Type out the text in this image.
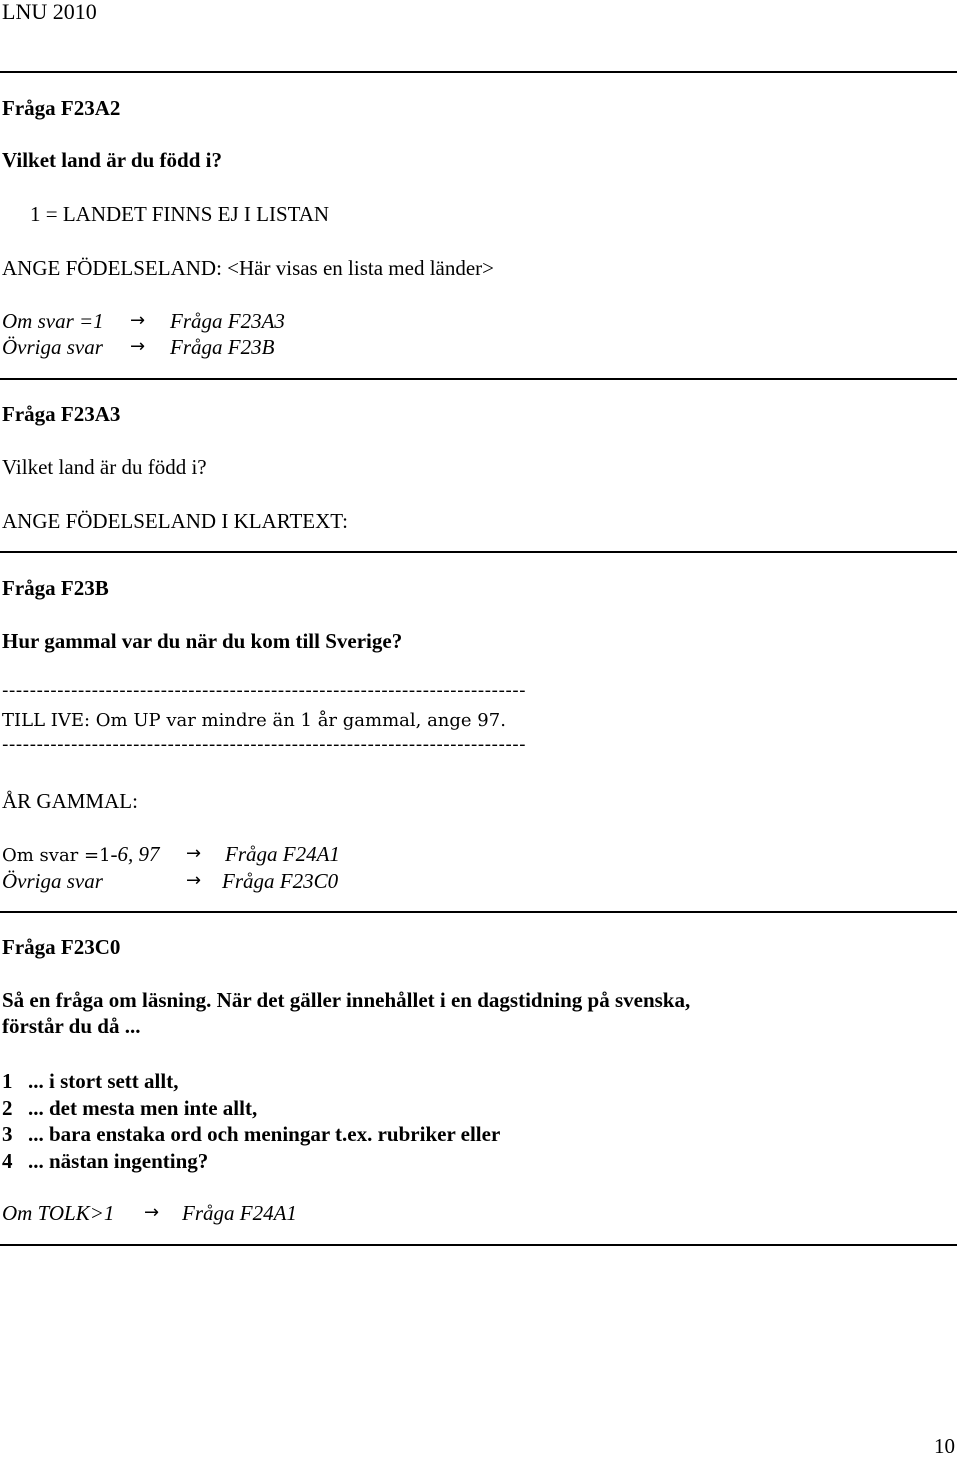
LNU 2010
Fråga F23A2
Vilket land är du född i?
1 = LANDET FINNS EJ I LISTAN
ANGE FÖDELSELAND: <Här visas en lista med länder>
Om svar =1 → Fråga F23A3
Övriga svar → Fråga F23B
Fråga F23A3
Vilket land är du född i?
ANGE FÖDELSELAND I KLARTEXT:
Fråga F23B
Hur gammal var du när du kom till Sverige?
----------------------------------------------------------------------------
TILL IVE: Om UP var mindre än 1 år gammal, ange 97.
----------------------------------------------------------------------------
ÅR GAMMAL:
Om svar =1-6, 97 → Fråga F24A1
Övriga svar	→ Fråga F23C0
Fråga F23C0
Så en fråga om läsning. När det gäller innehållet i en dagstidning på svenska,
förstår du då ...
1 ... i stort sett allt,
2 ... det mesta men inte allt,
3 ... bara enstaka ord och meningar t.ex. rubriker eller
4 ... nästan ingenting?
Om TOLK>1 → Fråga F24A1
10
